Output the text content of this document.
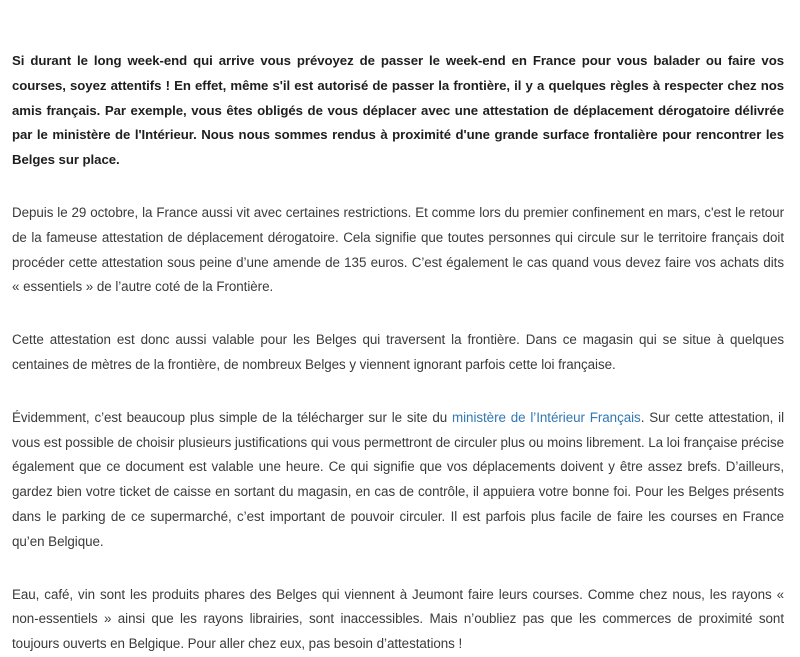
Si durant le long week-end qui arrive vous prévoyez de passer le week-end en France pour vous balader ou faire vos courses, soyez attentifs ! En effet, même s'il est autorisé de passer la frontière, il y a quelques règles à respecter chez nos amis français. Par exemple, vous êtes obligés de vous déplacer avec une attestation de déplacement dérogatoire délivrée par le ministère de l'Intérieur. Nous nous sommes rendus à proximité d'une grande surface frontalière pour rencontrer les Belges sur place.

Depuis le 29 octobre, la France aussi vit avec certaines restrictions. Et comme lors du premier confinement en mars, c'est le retour de la fameuse attestation de déplacement dérogatoire. Cela signifie que toutes personnes qui circule sur le territoire français doit procéder cette attestation sous peine d’une amende de 135 euros. C’est également le cas quand vous devez faire vos achats dits « essentiels » de l’autre coté de la Frontière.

Cette attestation est donc aussi valable pour les Belges qui traversent la frontière. Dans ce magasin qui se situe à quelques centaines de mètres de la frontière, de nombreux Belges y viennent ignorant parfois cette loi française.

Évidemment, c’est beaucoup plus simple de la télécharger sur le site du ministère de l’Intérieur Français. Sur cette attestation, il vous est possible de choisir plusieurs justifications qui vous permettront de circuler plus ou moins librement. La loi française précise également que ce document est valable une heure. Ce qui signifie que vos déplacements doivent y être assez brefs. D’ailleurs, gardez bien votre ticket de caisse en sortant du magasin, en cas de contrôle, il appuiera votre bonne foi. Pour les Belges présents dans le parking de ce supermarché, c’est important de pouvoir circuler. Il est parfois plus facile de faire les courses en France qu’en Belgique.

Eau, café, vin sont les produits phares des Belges qui viennent à Jeumont faire leurs courses. Comme chez nous, les rayons « non-essentiels » ainsi que les rayons librairies, sont inaccessibles. Mais n’oubliez pas que les commerces de proximité sont toujours ouverts en Belgique. Pour aller chez eux, pas besoin d’attestations !
